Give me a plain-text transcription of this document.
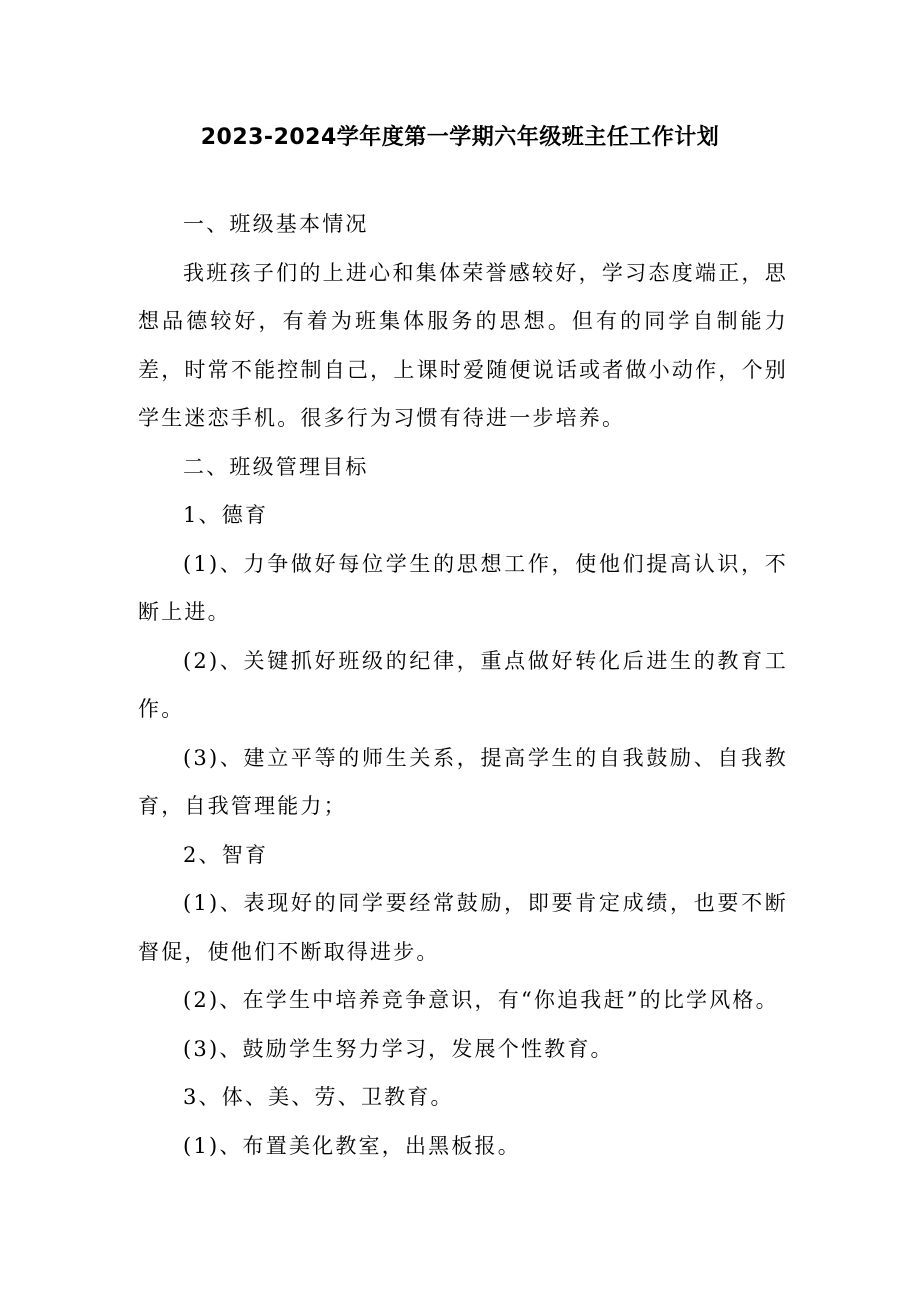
2023-2024学年度第一学期六年级班主任工作计划

一、班级基本情况

我班孩子们的上进心和集体荣誉感较好，学习态度端正，思想品德较好，有着为班集体服务的思想。但有的同学自制能力差，时常不能控制自己，上课时爱随便说话或者做小动作，个别学生迷恋手机。很多行为习惯有待进一步培养。

二、班级管理目标

1、德育

(1)、力争做好每位学生的思想工作，使他们提高认识，不断上进。

(2)、关键抓好班级的纪律，重点做好转化后进生的教育工作。

(3)、建立平等的师生关系，提高学生的自我鼓励、自我教育，自我管理能力；

2、智育

(1)、表现好的同学要经常鼓励，即要肯定成绩，也要不断督促，使他们不断取得进步。

(2)、在学生中培养竞争意识，有“你追我赶”的比学风格。

(3)、鼓励学生努力学习，发展个性教育。

3、体、美、劳、卫教育。

(1)、布置美化教室，出黑板报。
